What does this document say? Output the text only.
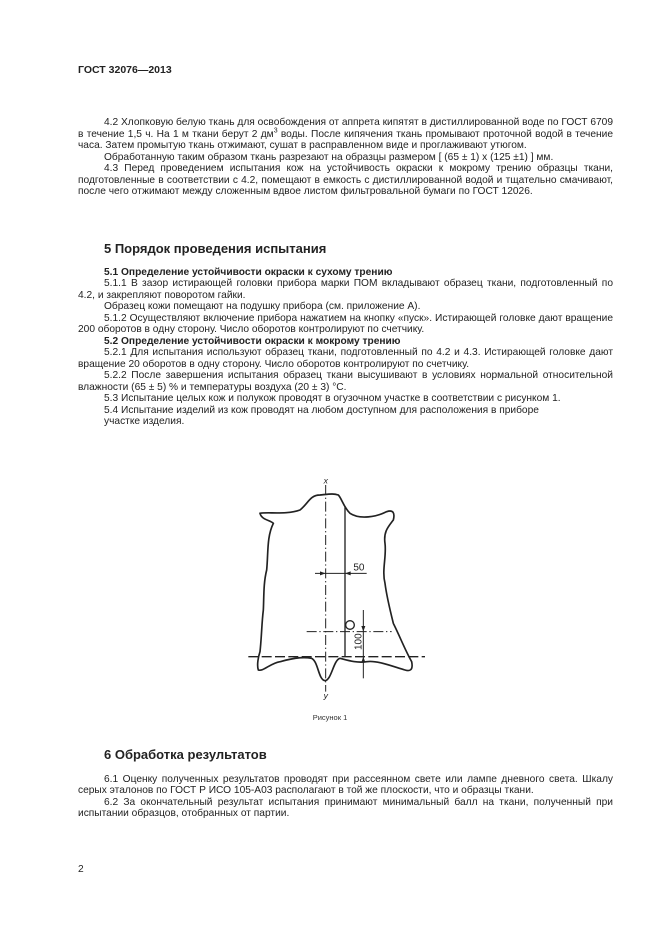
ГОСТ 32076—2013

4.2 Хлопковую белую ткань для освобождения от аппрета кипятят в дистиллированной воде по ГОСТ 6709 в течение 1,5 ч. На 1 м ткани берут 2 $дм^3$ воды. После кипячения ткань промывают проточной водой в течение часа. Затем промытую ткань отжимают, сушат в расправленном виде и проглаживают утюгом.

Обработанную таким образом ткань разрезают на образцы размером [ (65 ± 1) х (125 ±1) ] мм.

4.3 Перед проведением испытания кож на устойчивость окраски к мокрому трению образцы ткани, подготовленные в соответствии с 4.2, помещают в емкость с дистиллированной водой и тщательно смачивают, после чего отжимают между сложенным вдвое листом фильтровальной бумаги по ГОСТ 12026.

5 Порядок проведения испытания

5.1 Определение устойчивости окраски к сухому трению

5.1.1 В зазор истирающей головки прибора марки ПОМ вкладывают образец ткани, подготовленный по 4.2, и закрепляют поворотом гайки.

Образец кожи помещают на подушку прибора (см. приложение А).

5.1.2 Осуществляют включение прибора нажатием на кнопку «пуск». Истирающей головке дают вращение 200 оборотов в одну сторону. Число оборотов контролируют по счетчику.

5.2 Определение устойчивости окраски к мокрому трению

5.2.1 Для испытания используют образец ткани, подготовленный по 4.2 и 4.3. Истирающей головке дают вращение 20 оборотов в одну сторону. Число оборотов контролируют по счетчику.

5.2.2 После завершения испытания образец ткани высушивают в условиях нормальной относительной влажности (65 ± 5) % и температуры воздуха (20 ± 3) °С.

5.3 Испытание целых кож и полукож проводят в огузочном участке в соответствии с рисунком 1.

5.4 Испытание изделий из кож проводят на любом доступном для расположения в приборе

участке изделия.

50
100
x
y
Рисунок 1
6 Обработка результатов

6.1 Оценку полученных результатов проводят при рассеянном свете или лампе дневного света. Шкалу серых эталонов по ГОСТ Р ИСО 105-А03 располагают в той же плоскости, что и образцы ткани.

6.2 За окончательный результат испытания принимают минимальный балл на ткани, полученный при испытании образцов, отобранных от партии.

2
